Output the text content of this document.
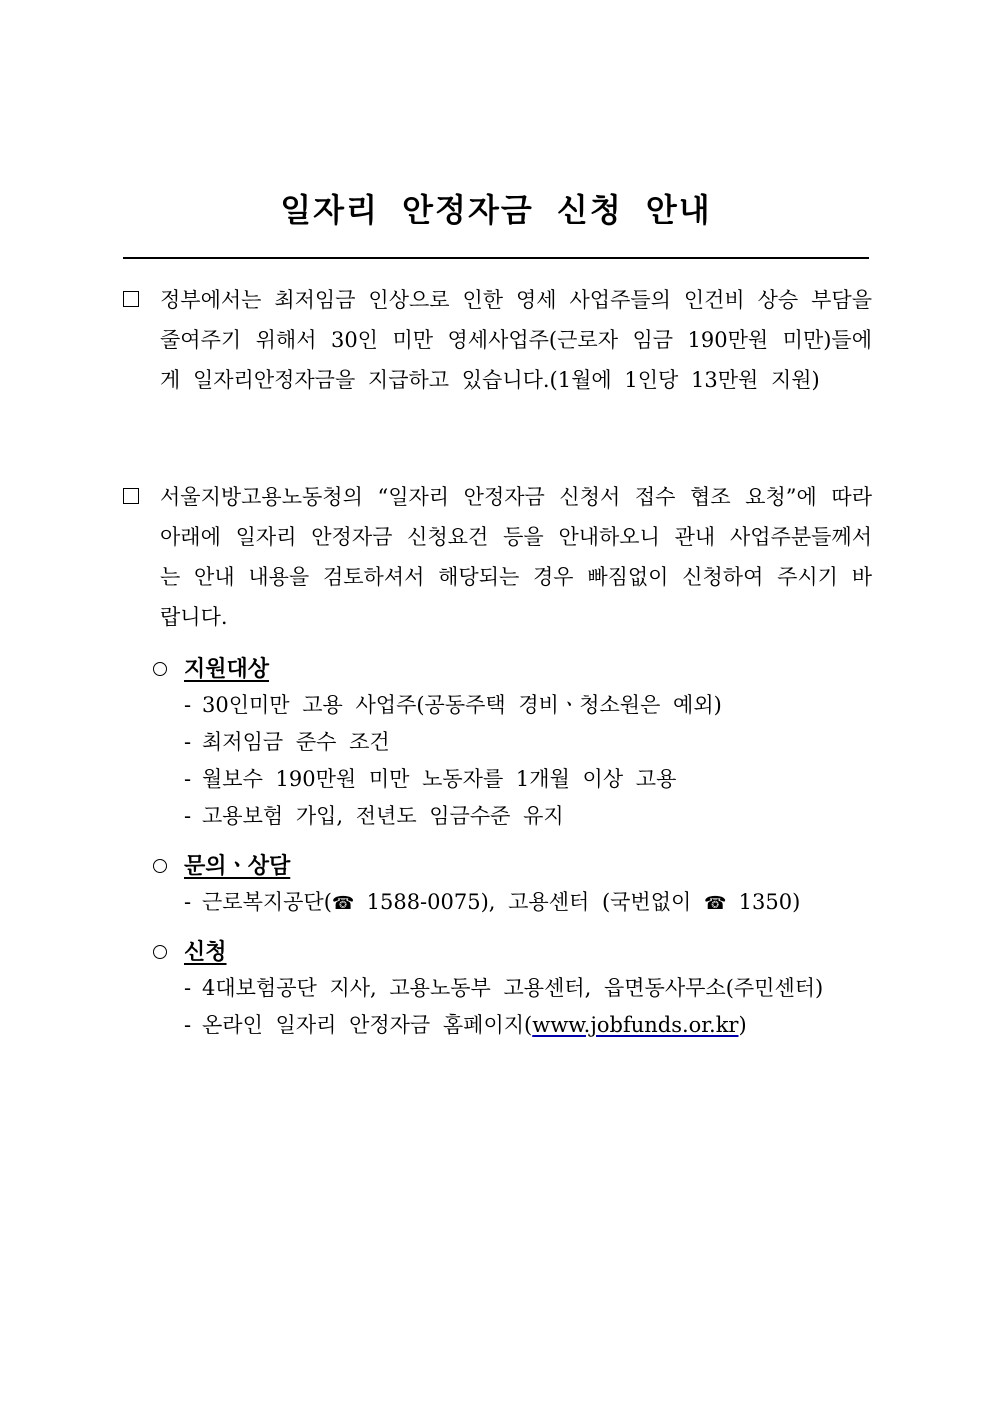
일자리 안정자금 신청 안내
정부에서는 최저임금 인상으로 인한 영세 사업주들의 인건비 상승 부담을 줄여주기 위해서 30인 미만 영세사업주(근로자 임금 190만원 미만)들에게 일자리안정자금을 지급하고 있습니다.(1월에 1인당 13만원 지원)
서울지방고용노동청의 “일자리 안정자금 신청서 접수 협조 요청”에 따라 아래에 일자리 안정자금 신청요건 등을 안내하오니 관내 사업주분들께서는 안내 내용을 검토하셔서 해당되는 경우 빠짐없이 신청하여 주시기 바랍니다.
지원대상
- 30인미만 고용 사업주(공동주택 경비ㆍ청소원은 예외)
- 최저임금 준수 조건
- 월보수 190만원 미만 노동자를 1개월 이상 고용
- 고용보험 가입, 전년도 임금수준 유지
문의ㆍ상담
- 근로복지공단(☎ 1588-0075), 고용센터 (국번없이 ☎ 1350)
신청
- 4대보험공단 지사, 고용노동부 고용센터, 읍면동사무소(주민센터)
- 온라인 일자리 안정자금 홈페이지(www.jobfunds.or.kr)
